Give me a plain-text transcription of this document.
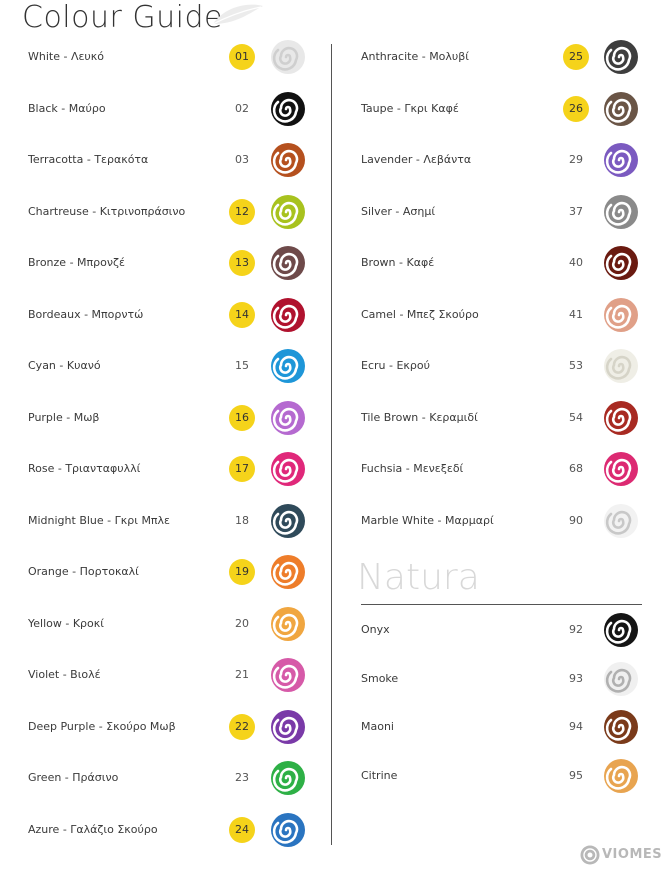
Colour Guide
White - Λευκό	01
Black - Μαύρο	02
Terracotta - Τερακότα	03
Chartreuse - Κιτρινοπράσινο	12
Bronze - Μπρονζέ	13
Bordeaux - Μπορντώ	14
Cyan - Κυανό	15
Purple - Μωβ	16
Rose - Τριανταφυλλί	17
Midnight Blue - Γκρι Μπλε	18
Orange - Πορτοκαλί	19
Yellow - Κροκί	20
Violet - Βιολέ	21
Deep Purple - Σκούρο Μωβ	22
Green - Πράσινο	23
Azure - Γαλάζιο Σκούρο	24
Anthracite - Μολυβί	25
Taupe - Γκρι Καφέ	26
Lavender - Λεβάντα	29
Silver - Ασημί	37
Brown - Καφέ	40
Camel - Μπεζ Σκούρο	41
Ecru - Εκρού	53
Tile Brown - Κεραμιδί	54
Fuchsia - Μενεξεδί	68
Marble White - Μαρμαρί	90
Natura
Onyx	92
Smoke	93
Maoni	94
Citrine	95
VIOMES
